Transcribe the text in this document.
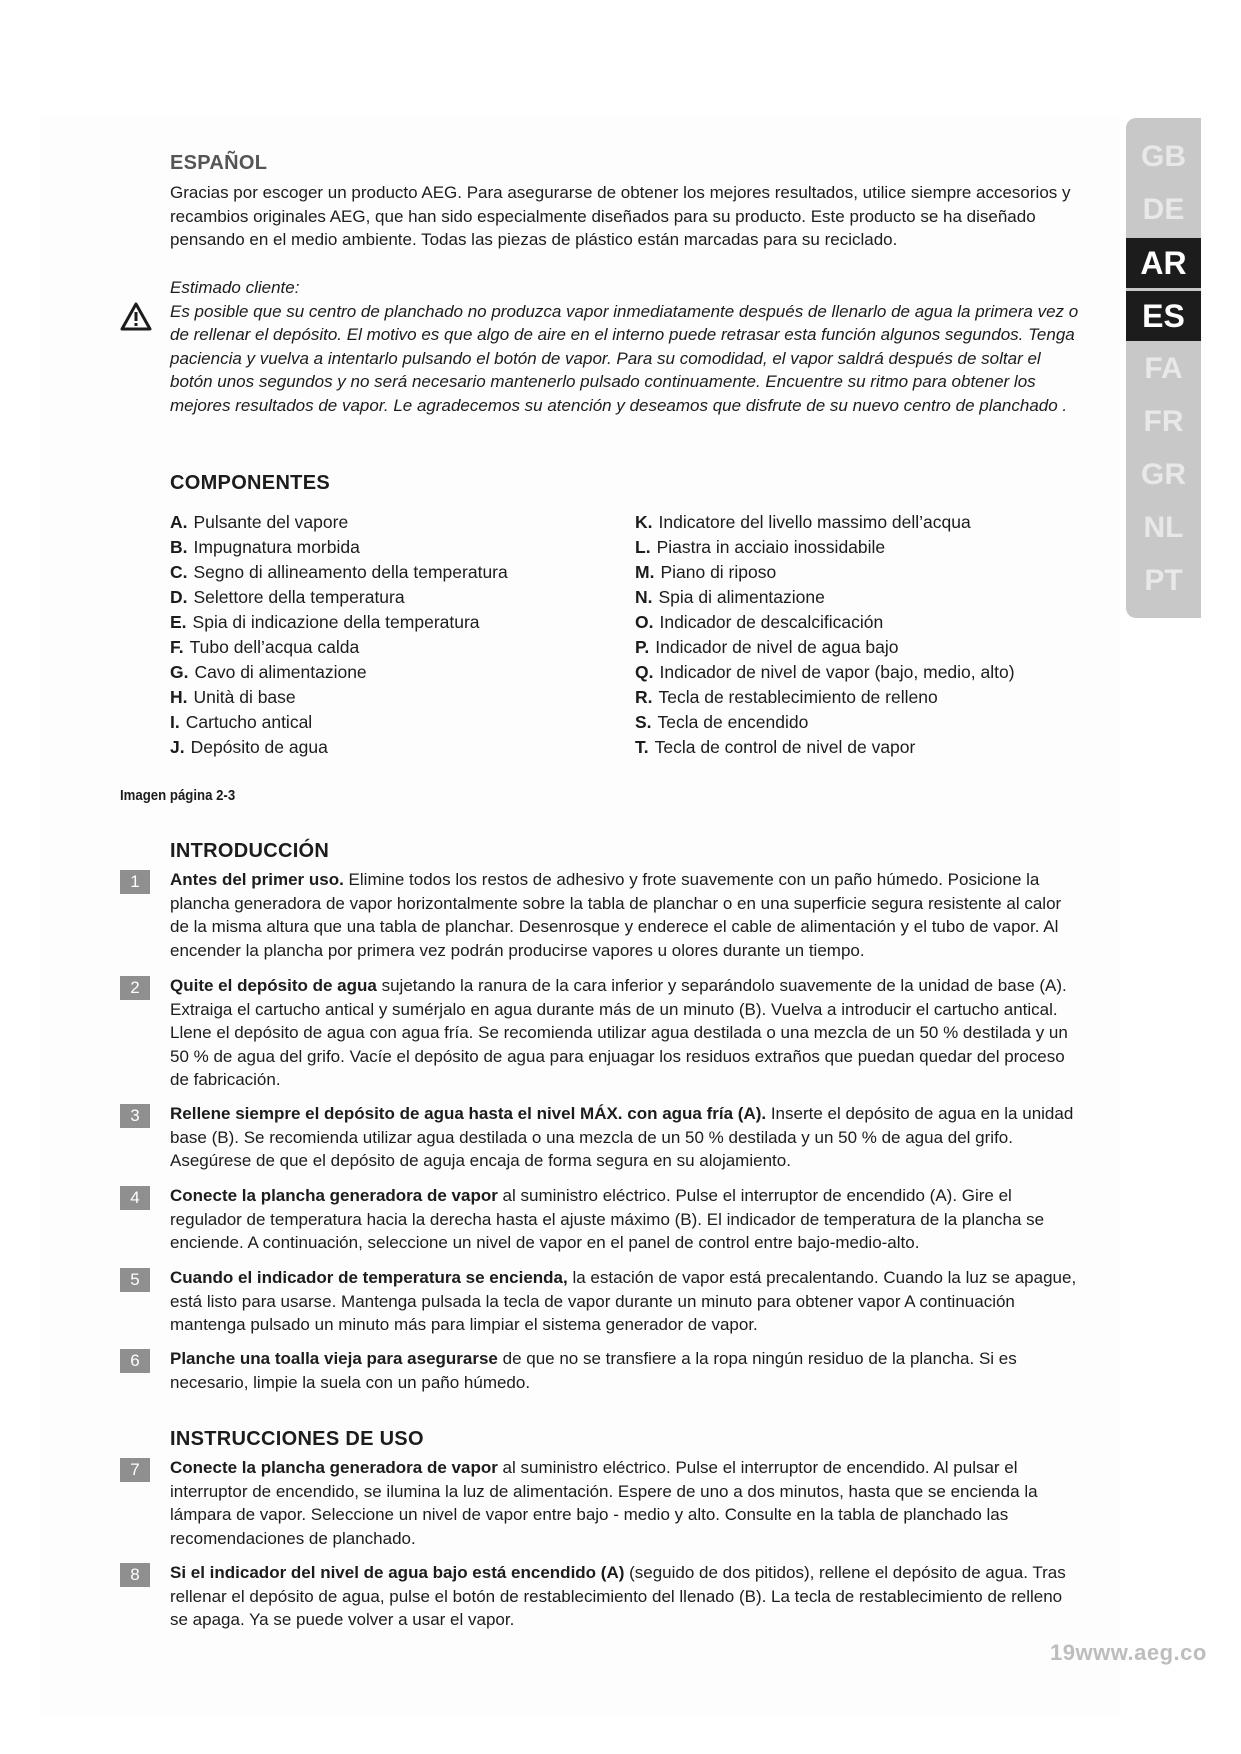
ESPAÑOL

Gracias por escoger un producto AEG. Para asegurarse de obtener los mejores resultados, utilice siempre accesorios y recambios originales AEG, que han sido especialmente diseñados para su producto. Este producto se ha diseñado pensando en el medio ambiente. Todas las piezas de plástico están marcadas para su reciclado.

Estimado cliente:
Es posible que su centro de planchado no produzca vapor inmediatamente después de llenarlo de agua la primera vez o de rellenar el depósito. El motivo es que algo de aire en el interno puede retrasar esta función algunos segundos. Tenga paciencia y vuelva a intentarlo pulsando el botón de vapor. Para su comodidad, el vapor saldrá después de soltar el botón unos segundos y no será necesario mantenerlo pulsado continuamente. Encuentre su ritmo para obtener los mejores resultados de vapor. Le agradecemos su atención y deseamos que disfrute de su nuevo centro de planchado .

COMPONENTES
A. Pulsante del vapore
B. Impugnatura morbida
C. Segno di allineamento della temperatura
D. Selettore della temperatura
E. Spia di indicazione della temperatura
F. Tubo dell’acqua calda
G. Cavo di alimentazione
H. Unità di base
I. Cartucho antical
J. Depósito de agua
K. Indicatore del livello massimo dell’acqua
L. Piastra in acciaio inossidabile
M. Piano di riposo
N. Spia di alimentazione
O. Indicador de descalcificación
P. Indicador de nivel de agua bajo
Q. Indicador de nivel de vapor (bajo, medio, alto)
R. Tecla de restablecimiento de relleno
S. Tecla de encendido
T. Tecla de control de nivel de vapor
Imagen página 2-3
INTRODUCCIÓN
1	Antes del primer uso. Elimine todos los restos de adhesivo y frote suavemente con un paño húmedo. Posicione la plancha generadora de vapor horizontalmente sobre la tabla de planchar o en una superficie segura resistente al calor de la misma altura que una tabla de planchar. Desenrosque y enderece el cable de alimentación y el tubo de vapor. Al encender la plancha por primera vez podrán producirse vapores u olores durante un tiempo.

2	Quite el depósito de agua sujetando la ranura de la cara inferior y separándolo suavemente de la unidad de base (A). Extraiga el cartucho antical y sumérjalo en agua durante más de un minuto (B). Vuelva a introducir el cartucho antical. Llene el depósito de agua con agua fría. Se recomienda utilizar agua destilada o una mezcla de un 50 % destilada y un 50 % de agua del grifo. Vacíe el depósito de agua para enjuagar los residuos extraños que puedan quedar del proceso de fabricación.

3	Rellene siempre el depósito de agua hasta el nivel MÁX. con agua fría (A). Inserte el depósito de agua en la unidad base (B). Se recomienda utilizar agua destilada o una mezcla de un 50 % destilada y un 50 % de agua del grifo. Asegúrese de que el depósito de aguja encaja de forma segura en su alojamiento.

4	Conecte la plancha generadora de vapor al suministro eléctrico. Pulse el interruptor de encendido (A). Gire el regulador de temperatura hacia la derecha hasta el ajuste máximo (B). El indicador de temperatura de la plancha se enciende. A continuación, seleccione un nivel de vapor en el panel de control entre bajo-medio-alto.

5	Cuando el indicador de temperatura se encienda, la estación de vapor está precalentando. Cuando la luz se apague, está listo para usarse. Mantenga pulsada la tecla de vapor durante un minuto para obtener vapor A continuación mantenga pulsado un minuto más para limpiar el sistema generador de vapor.

6	Planche una toalla vieja para asegurarse de que no se transfiere a la ropa ningún residuo de la plancha. Si es necesario, limpie la suela con un paño húmedo.

INSTRUCCIONES DE USO
7	Conecte la plancha generadora de vapor al suministro eléctrico. Pulse el interruptor de encendido. Al pulsar el interruptor de encendido, se ilumina la luz de alimentación. Espere de uno a dos minutos, hasta que se encienda la lámpara de vapor. Seleccione un nivel de vapor entre bajo - medio y alto. Consulte en la tabla de planchado las recomendaciones de planchado.

8	Si el indicador del nivel de agua bajo está encendido (A) (seguido de dos pitidos), rellene el depósito de agua. Tras rellenar el depósito de agua, pulse el botón de restablecimiento del llenado (B). La tecla de restablecimiento de relleno se apaga. Ya se puede volver a usar el vapor.

GB
DE
AR
ES
FA
FR
GR
NL
PT
19www.aeg.co
